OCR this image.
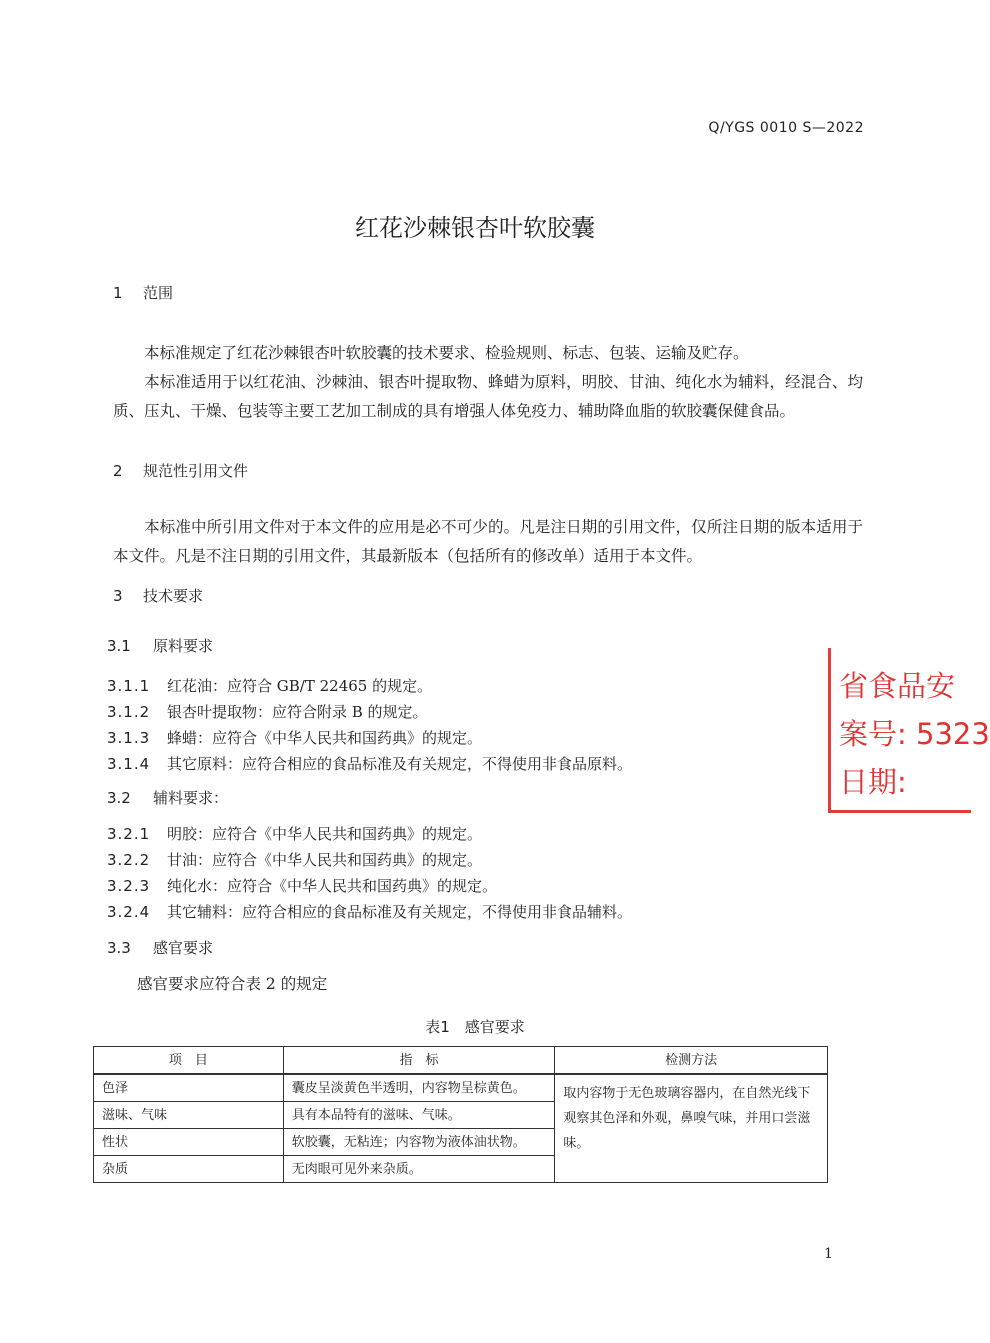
Q/YGS 0010 S—2022
红花沙棘银杏叶软胶囊
1 范围
本标准规定了红花沙棘银杏叶软胶囊的技术要求、检验规则、标志、包装、运输及贮存。
本标准适用于以红花油、沙棘油、银杏叶提取物、蜂蜡为原料，明胶、甘油、纯化水为辅料，经混合、均质、压丸、干燥、包装等主要工艺加工制成的具有增强人体免疫力、辅助降血脂的软胶囊保健食品。
2 规范性引用文件
本标准中所引用文件对于本文件的应用是必不可少的。凡是注日期的引用文件，仅所注日期的版本适用于本文件。凡是不注日期的引用文件，其最新版本（包括所有的修改单）适用于本文件。
3 技术要求
3.1 原料要求
3.1.1 红花油：应符合 GB/T 22465 的规定。
3.1.2 银杏叶提取物：应符合附录 B 的规定。
3.1.3 蜂蜡：应符合《中华人民共和国药典》的规定。
3.1.4 其它原料：应符合相应的食品标准及有关规定，不得使用非食品原料。
3.2 辅料要求：
3.2.1 明胶：应符合《中华人民共和国药典》的规定。
3.2.2 甘油：应符合《中华人民共和国药典》的规定。
3.2.3 纯化水：应符合《中华人民共和国药典》的规定。
3.2.4 其它辅料：应符合相应的食品标准及有关规定，不得使用非食品辅料。
3.3 感官要求
感官要求应符合表 2 的规定
省食品安
案号: 5323
日期:
表1　感官要求
项　目	指　标	检测方法
色泽	囊皮呈淡黄色半透明，内容物呈棕黄色。	取内容物于无色玻璃容器内，在自然光线下观察其色泽和外观，鼻嗅气味，并用口尝滋味。
滋味、气味	具有本品特有的滋味、气味。	
性状	软胶囊，无粘连；内容物为液体油状物。	
杂质	无肉眼可见外来杂质。	
1
